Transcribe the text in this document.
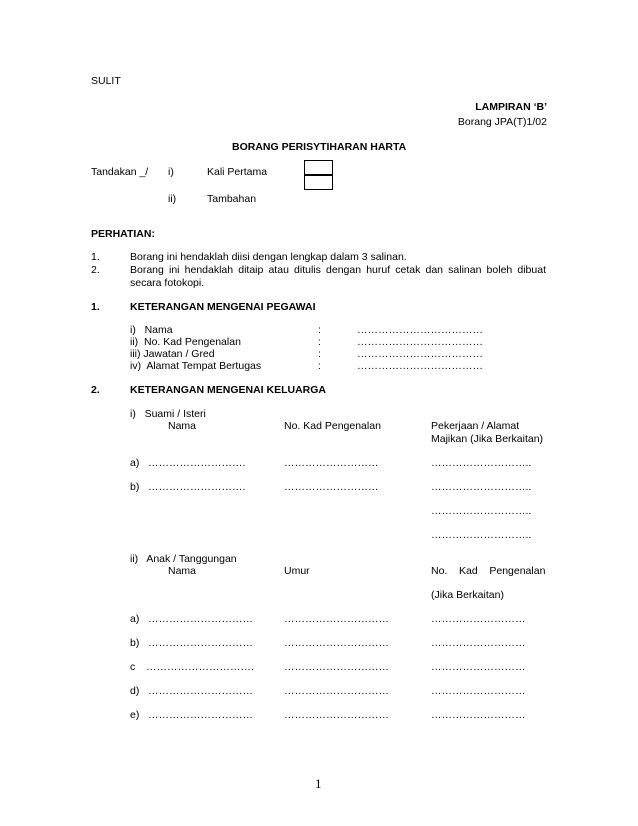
SULIT
LAMPIRAN ‘B’
Borang JPA(T)1/02
BORANG PERISYTIHARAN HARTA
Tandakan _/ i)	Kali Pertama
ii)	Tambahan
PERHATIAN:
1.	Borang ini hendaklah diisi dengan lengkap dalam 3 salinan.
2.	Borang ini hendaklah ditaip atau ditulis dengan huruf cetak dan salinan boleh dibuat
secara fotokopi.
1.	KETERANGAN MENGENAI PEGAWAI
i)   Nama	:	………………………………
ii)  No. Kad Pengenalan	:	………………………………
iii) Jawatan / Gred	:	………………………………
iv)  Alamat Tempat Bertugas	:	………………………………
2.	KETERANGAN MENGENAI KELUARGA
i)   Suami / Isteri
Nama	No. Kad Pengenalan	Pekerjaan / Alamat
Majikan (Jika Berkaitan)
a) ……………………….	………………………	………………………..
b) ……………………….	………………………	………………………..
………………………..
………………………..
ii)   Anak / Tanggungan
Nama	Umur	No.    Kad    Pengenalan
(Jika Berkaitan)
a) …………………………	…………………………	………………………
b) …………………………	…………………………	………………………
c ………………………….	…………………………	………………………
d) …………………………	…………………………	………………………
e) …………………………	…………………………	………………………
1
